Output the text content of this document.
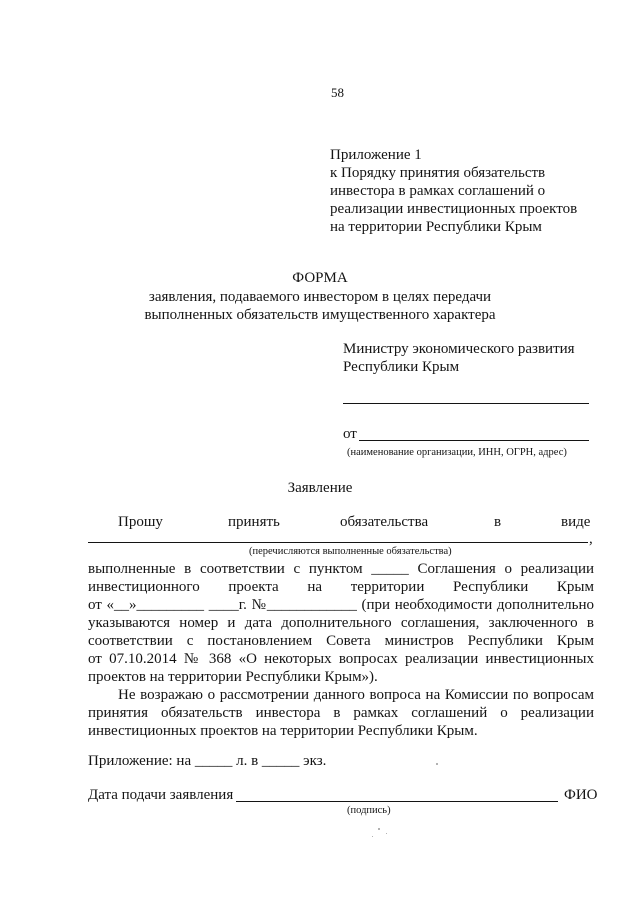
58
Приложение 1
к Порядку принятия обязательств
инвестора в рамках соглашений о
реализации инвестиционных проектов
на территории Республики Крым
ФОРМА
заявления, подаваемого инвестором в целях передачи
выполненных обязательств имущественного характера
Министру экономического развития
Республики Крым
от
(наименование организации, ИНН, ОГРН, адрес)
Заявление
Прошу	принять	обязательства	в	виде
,
(перечисляются выполненные обязательства)
выполненные в соответствии с пунктом _____ Соглашения о реализации
инвестиционного проекта на территории Республики Крым
от «__»_________ ____г. №____________ (при необходимости дополнительно
указываются номер и дата дополнительного соглашения, заключенного в
соответствии с постановлением Совета министров Республики Крым
от 07.10.2014 № 368 «О некоторых вопросах реализации инвестиционных
проектов на территории Республики Крым»).
Не возражаю о рассмотрении данного вопроса на Комиссии по вопросам
принятия обязательств инвестора в рамках соглашений о реализации
инвестиционных проектов на территории Республики Крым.
Приложение: на _____ л. в _____ экз.
Дата подачи заявления	ФИО
(подпись)
